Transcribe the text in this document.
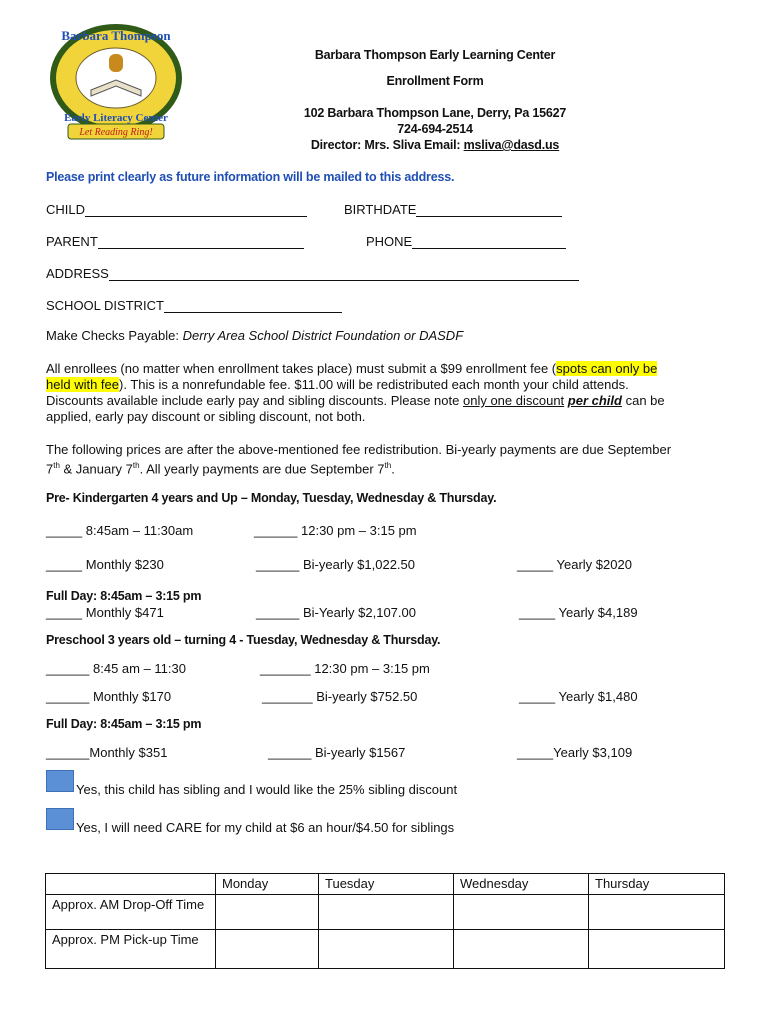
Barbara Thompson
Early Literacy Center
Let Reading Ring!
Barbara Thompson Early Learning Center
Enrollment Form
102 Barbara Thompson Lane, Derry, Pa 15627
724-694-2514
Director: Mrs. Sliva Email: msliva@dasd.us
Please print clearly as future information will be mailed to this address.
CHILD	BIRTHDATE
PARENT	PHONE
ADDRESS
SCHOOL DISTRICT
Make Checks Payable: Derry Area School District Foundation or DASDF
All enrollees (no matter when enrollment takes place) must submit a $99 enrollment fee (spots can only be
held with fee). This is a nonrefundable fee. $11.00 will be redistributed each month your child attends.
Discounts available include early pay and sibling discounts. Please note only one discount per child can be
applied, early pay discount or sibling discount, not both.
The following prices are after the above-mentioned fee redistribution. Bi-yearly payments are due September
7th & January 7th. All yearly payments are due September 7th.
Pre- Kindergarten 4 years and Up – Monday, Tuesday, Wednesday & Thursday.
_____ 8:45am – 11:30am	______ 12:30 pm – 3:15 pm
_____ Monthly $230	______ Bi-yearly $1,022.50	_____ Yearly $2020
Full Day: 8:45am – 3:15 pm
_____ Monthly $471	______ Bi-Yearly $2,107.00	_____ Yearly $4,189
Preschool 3 years old – turning 4 - Tuesday, Wednesday & Thursday.
______ 8:45 am – 11:30	_______ 12:30 pm – 3:15 pm
______ Monthly $170	_______ Bi-yearly $752.50	_____ Yearly $1,480
Full Day: 8:45am – 3:15 pm
______Monthly $351	______ Bi-yearly $1567	_____Yearly $3,109
Yes, this child has sibling and I would like the 25% sibling discount
Yes, I will need CARE for my child at $6 an hour/$4.50 for siblings
	Monday	Tuesday	Wednesday	Thursday
Approx. AM Drop-Off Time				
Approx. PM Pick-up Time				
